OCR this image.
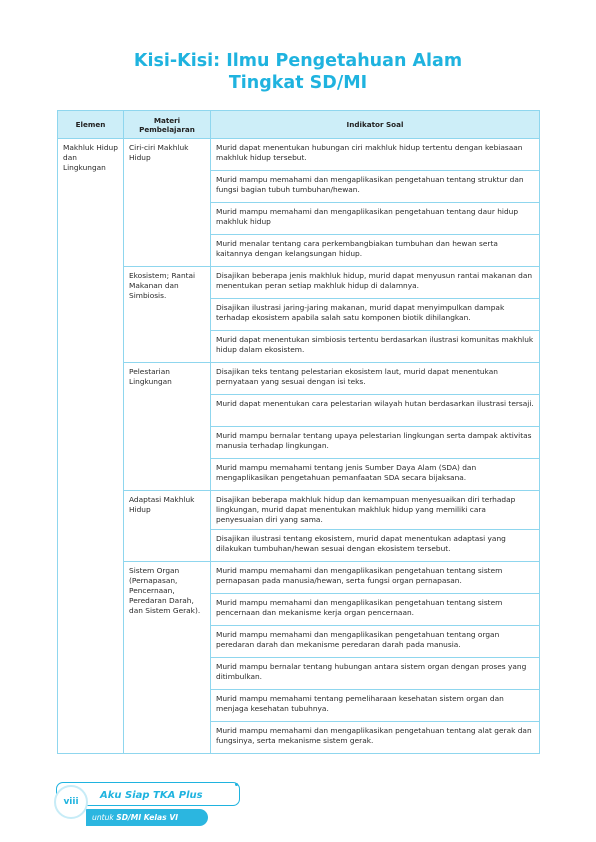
Kisi-Kisi: Ilmu Pengetahuan Alam
Tingkat SD/MI
Elemen	Materi Pembelajaran	Indikator Soal
Makhluk Hidup dan Lingkungan	Ciri-ciri Makhluk Hidup	Murid dapat menentukan hubungan ciri makhluk hidup tertentu dengan kebiasaan makhluk hidup tersebut.
		Murid mampu memahami dan mengaplikasikan pengetahuan tentang struktur dan fungsi bagian tubuh tumbuhan/hewan.
		Murid mampu memahami dan mengaplikasikan pengetahuan tentang daur hidup makhluk hidup
		Murid menalar tentang cara perkembangbiakan tumbuhan dan hewan serta kaitannya dengan kelangsungan hidup.
	Ekosistem; Rantai Makanan dan Simbiosis.	Disajikan beberapa jenis makhluk hidup, murid dapat menyusun rantai makanan dan menentukan peran setiap makhluk hidup di dalamnya.
		Disajikan ilustrasi jaring-jaring makanan, murid dapat menyimpulkan dampak terhadap ekosistem apabila salah satu komponen biotik dihilangkan.
		Murid dapat menentukan simbiosis tertentu berdasarkan ilustrasi komunitas makhluk hidup dalam ekosistem.
	Pelestarian Lingkungan	Disajikan teks tentang pelestarian ekosistem laut, murid dapat menentukan pernyataan yang sesuai dengan isi teks.
		Murid dapat menentukan cara pelestarian wilayah hutan berdasarkan ilustrasi tersaji.
		Murid mampu bernalar tentang upaya pelestarian lingkungan serta dampak aktivitas manusia terhadap lingkungan.
		Murid mampu memahami tentang jenis Sumber Daya Alam (SDA) dan mengaplikasikan pengetahuan pemanfaatan SDA secara bijaksana.
	Adaptasi Makhluk Hidup	Disajikan beberapa makhluk hidup dan kemampuan menyesuaikan diri terhadap lingkungan, murid dapat menentukan makhluk hidup yang memiliki cara penyesuaian diri yang sama.
		Disajikan ilustrasi tentang ekosistem, murid dapat menentukan adaptasi yang dilakukan tumbuhan/hewan sesuai dengan ekosistem tersebut.
	Sistem Organ (Pernapasan, Pencernaan, Peredaran Darah, dan Sistem Gerak).	Murid mampu memahami dan mengaplikasikan pengetahuan tentang sistem pernapasan pada manusia/hewan, serta fungsi organ pernapasan.
		Murid mampu memahami dan mengaplikasikan pengetahuan tentang sistem pencernaan dan mekanisme kerja organ pencernaan.
		Murid mampu memahami dan mengaplikasikan pengetahuan tentang organ peredaran darah dan mekanisme peredaran darah pada manusia.
		Murid mampu bernalar tentang hubungan antara sistem organ dengan proses yang ditimbulkan.
		Murid mampu memahami tentang pemeliharaan kesehatan sistem organ dan menjaga kesehatan tubuhnya.
		Murid mampu memahami dan mengaplikasikan pengetahuan tentang alat gerak dan fungsinya, serta mekanisme sistem gerak.
Aku Siap TKA Plus
untuk SD/MI Kelas VI
viii
